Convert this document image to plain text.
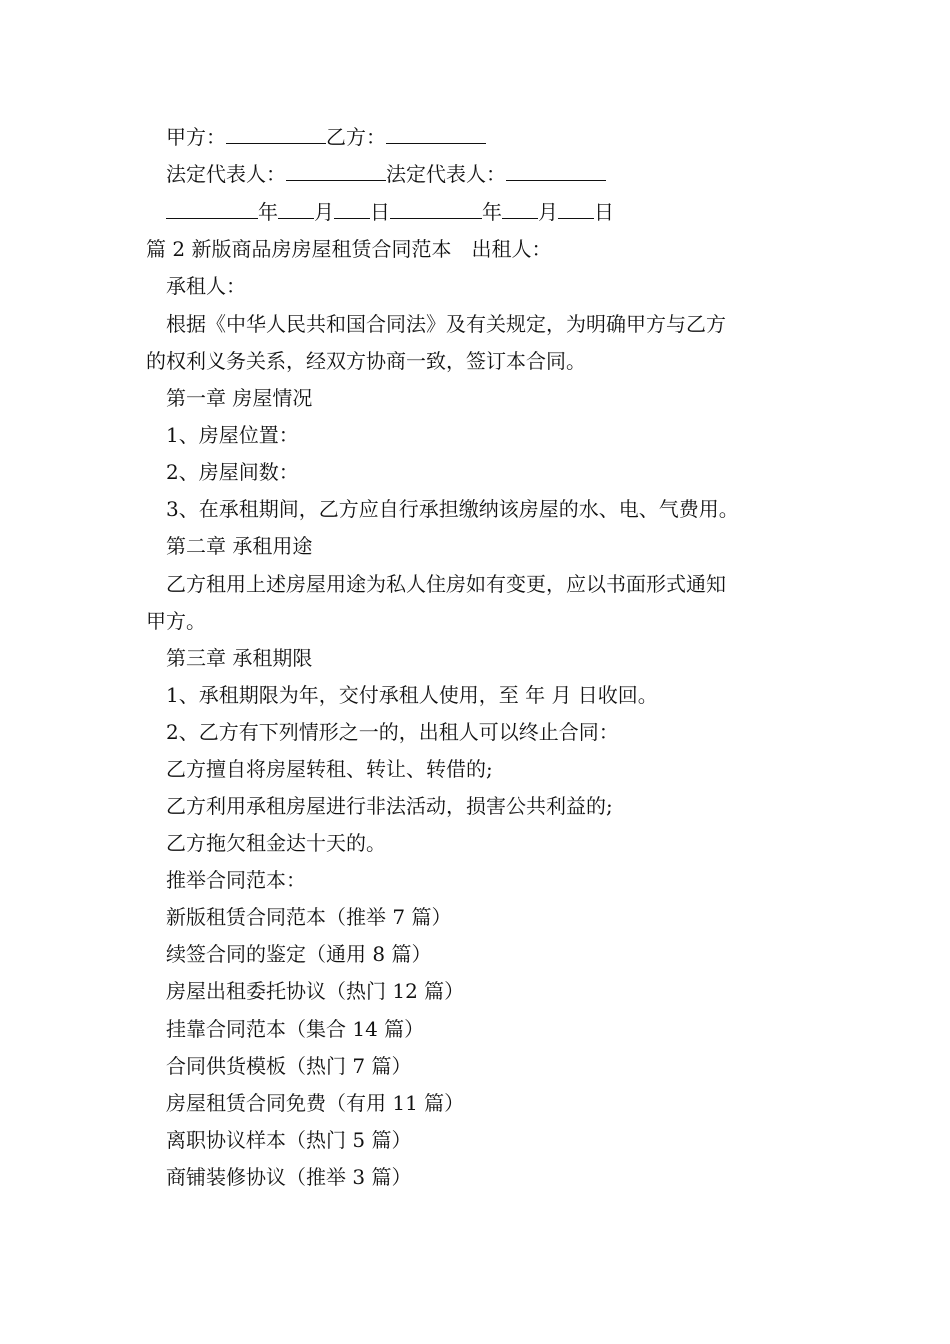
甲方：	乙方：
法定代表人：	法定代表人：
年 月 日	年 月 日
篇 2 新版商品房房屋租赁合同范本　出租人：
承租人：
根据《中华人民共和国合同法》及有关规定，为明确甲方与乙方
的权利义务关系，经双方协商一致，签订本合同。
第一章 房屋情况
1、房屋位置：
2、房屋间数：
3、在承租期间，乙方应自行承担缴纳该房屋的水、电、气费用。
第二章 承租用途
乙方租用上述房屋用途为私人住房如有变更，应以书面形式通知
甲方。
第三章 承租期限
1、承租期限为年，交付承租人使用，至 年 月 日收回。
2、乙方有下列情形之一的，出租人可以终止合同：
乙方擅自将房屋转租、转让、转借的;
乙方利用承租房屋进行非法活动，损害公共利益的;
乙方拖欠租金达十天的。
推举合同范本：
新版租赁合同范本（推举 7 篇）
续签合同的鉴定（通用 8 篇）
房屋出租委托协议（热门 12 篇）
挂靠合同范本（集合 14 篇）
合同供货模板（热门 7 篇）
房屋租赁合同免费（有用 11 篇）
离职协议样本（热门 5 篇）
商铺装修协议（推举 3 篇）
